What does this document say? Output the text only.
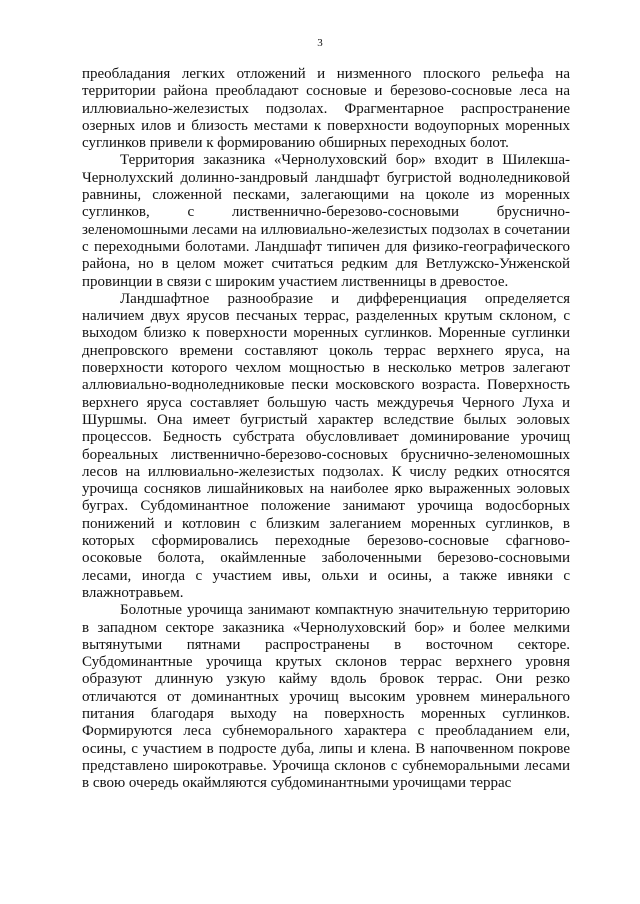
3

преобладания легких отложений и низменного плоского рельефа на территории района преобладают сосновые и березово-сосновые леса на иллювиально-железистых подзолах. Фрагментарное распространение озерных илов и близость местами к поверхности водоупорных моренных суглинков привели к формированию обширных переходных болот.

Территория заказника «Чернолуховский бор» входит в Шилекша-Чернолухский долинно-зандровый ландшафт бугристой водноледниковой равнины, сложенной песками, залегающими на цоколе из моренных суглинков, с лиственнично-березово-сосновыми бруснично-зеленомошными лесами на иллювиально-железистых подзолах в сочетании с переходными болотами. Ландшафт типичен для физико-географического района, но в целом может считаться редким для Ветлужско-Унженской провинции в связи с широким участием лиственницы в древостое.

Ландшафтное разнообразие и дифференциация определяется наличием двух ярусов песчаных террас, разделенных крутым склоном, с выходом близко к поверхности моренных суглинков. Моренные суглинки днепровского времени составляют цоколь террас верхнего яруса, на поверхности которого чехлом мощностью в несколько метров залегают аллювиально-водноледниковые пески московского возраста. Поверхность верхнего яруса составляет большую часть междуречья Черного Луха и Шуршмы. Она имеет бугристый характер вследствие былых эоловых процессов. Бедность субстрата обусловливает доминирование урочищ бореальных лиственнично-березово-сосновых бруснично-зеленомошных лесов на иллювиально-железистых подзолах. К числу редких относятся урочища сосняков лишайниковых на наиболее ярко выраженных эоловых буграх. Субдоминантное положение занимают урочища водосборных понижений и котловин с близким залеганием моренных суглинков, в которых сформировались переходные березово-сосновые сфагново-осоковые болота, окаймленные заболоченными березово-сосновыми лесами, иногда с участием ивы, ольхи и осины, а также ивняки с влажнотравьем.

Болотные урочища занимают компактную значительную территорию в западном секторе заказника «Чернолуховский бор» и более мелкими вытянутыми пятнами распространены в восточном секторе. Субдоминантные урочища крутых склонов террас верхнего уровня образуют длинную узкую кайму вдоль бровок террас. Они резко отличаются от доминантных урочищ высоким уровнем минерального питания благодаря выходу на поверхность моренных суглинков. Формируются леса субнеморального характера с преобладанием ели, осины, с участием в подросте дуба, липы и клена. В напочвенном покрове представлено широкотравье. Урочища склонов с субнеморальными лесами в свою очередь окаймляются субдоминантными урочищами террас
